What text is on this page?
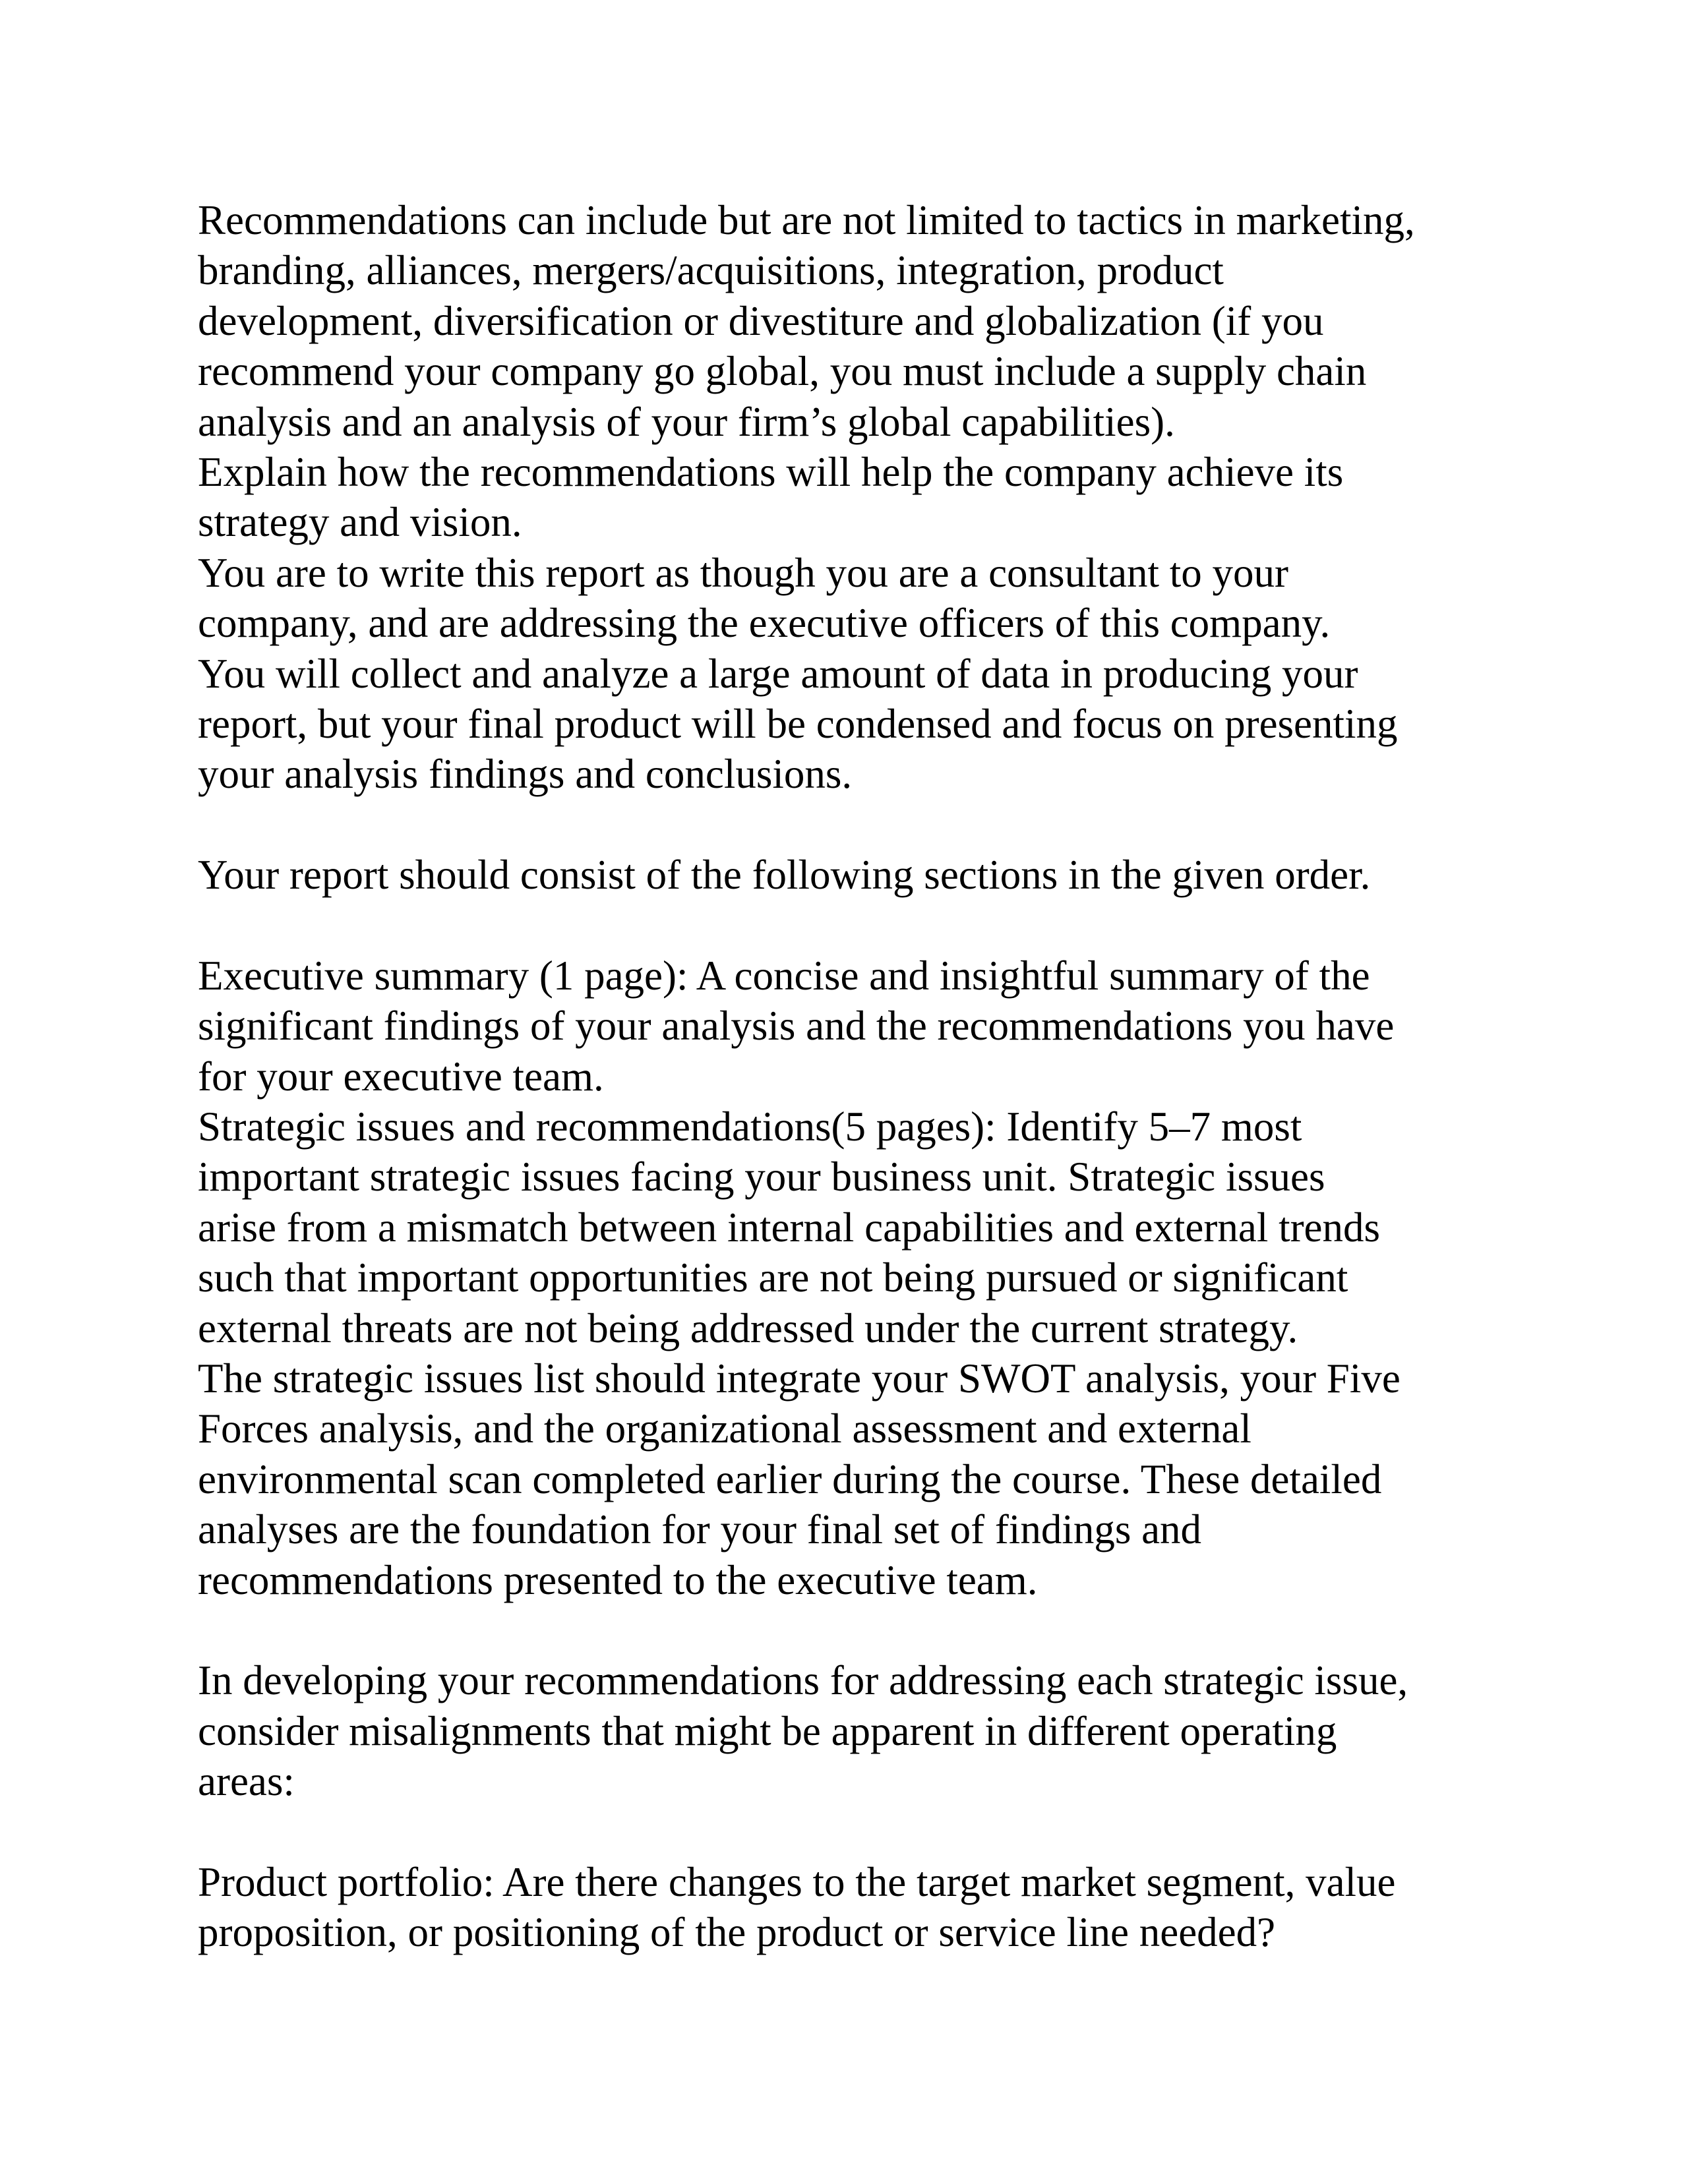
Recommendations can include but are not limited to tactics in marketing,
branding, alliances, mergers/acquisitions, integration, product
development, diversification or divestiture and globalization (if you
recommend your company go global, you must include a supply chain
analysis and an analysis of your firm’s global capabilities).
Explain how the recommendations will help the company achieve its
strategy and vision.
You are to write this report as though you are a consultant to your
company, and are addressing the executive officers of this company.
You will collect and analyze a large amount of data in producing your
report, but your final product will be condensed and focus on presenting
your analysis findings and conclusions.
Your report should consist of the following sections in the given order.
Executive summary (1 page): A concise and insightful summary of the
significant findings of your analysis and the recommendations you have
for your executive team.
Strategic issues and recommendations(5 pages): Identify 5–7 most
important strategic issues facing your business unit. Strategic issues
arise from a mismatch between internal capabilities and external trends
such that important opportunities are not being pursued or significant
external threats are not being addressed under the current strategy.
The strategic issues list should integrate your SWOT analysis, your Five
Forces analysis, and the organizational assessment and external
environmental scan completed earlier during the course. These detailed
analyses are the foundation for your final set of findings and
recommendations presented to the executive team.
In developing your recommendations for addressing each strategic issue,
consider misalignments that might be apparent in different operating
areas:
Product portfolio: Are there changes to the target market segment, value
proposition, or positioning of the product or service line needed?
